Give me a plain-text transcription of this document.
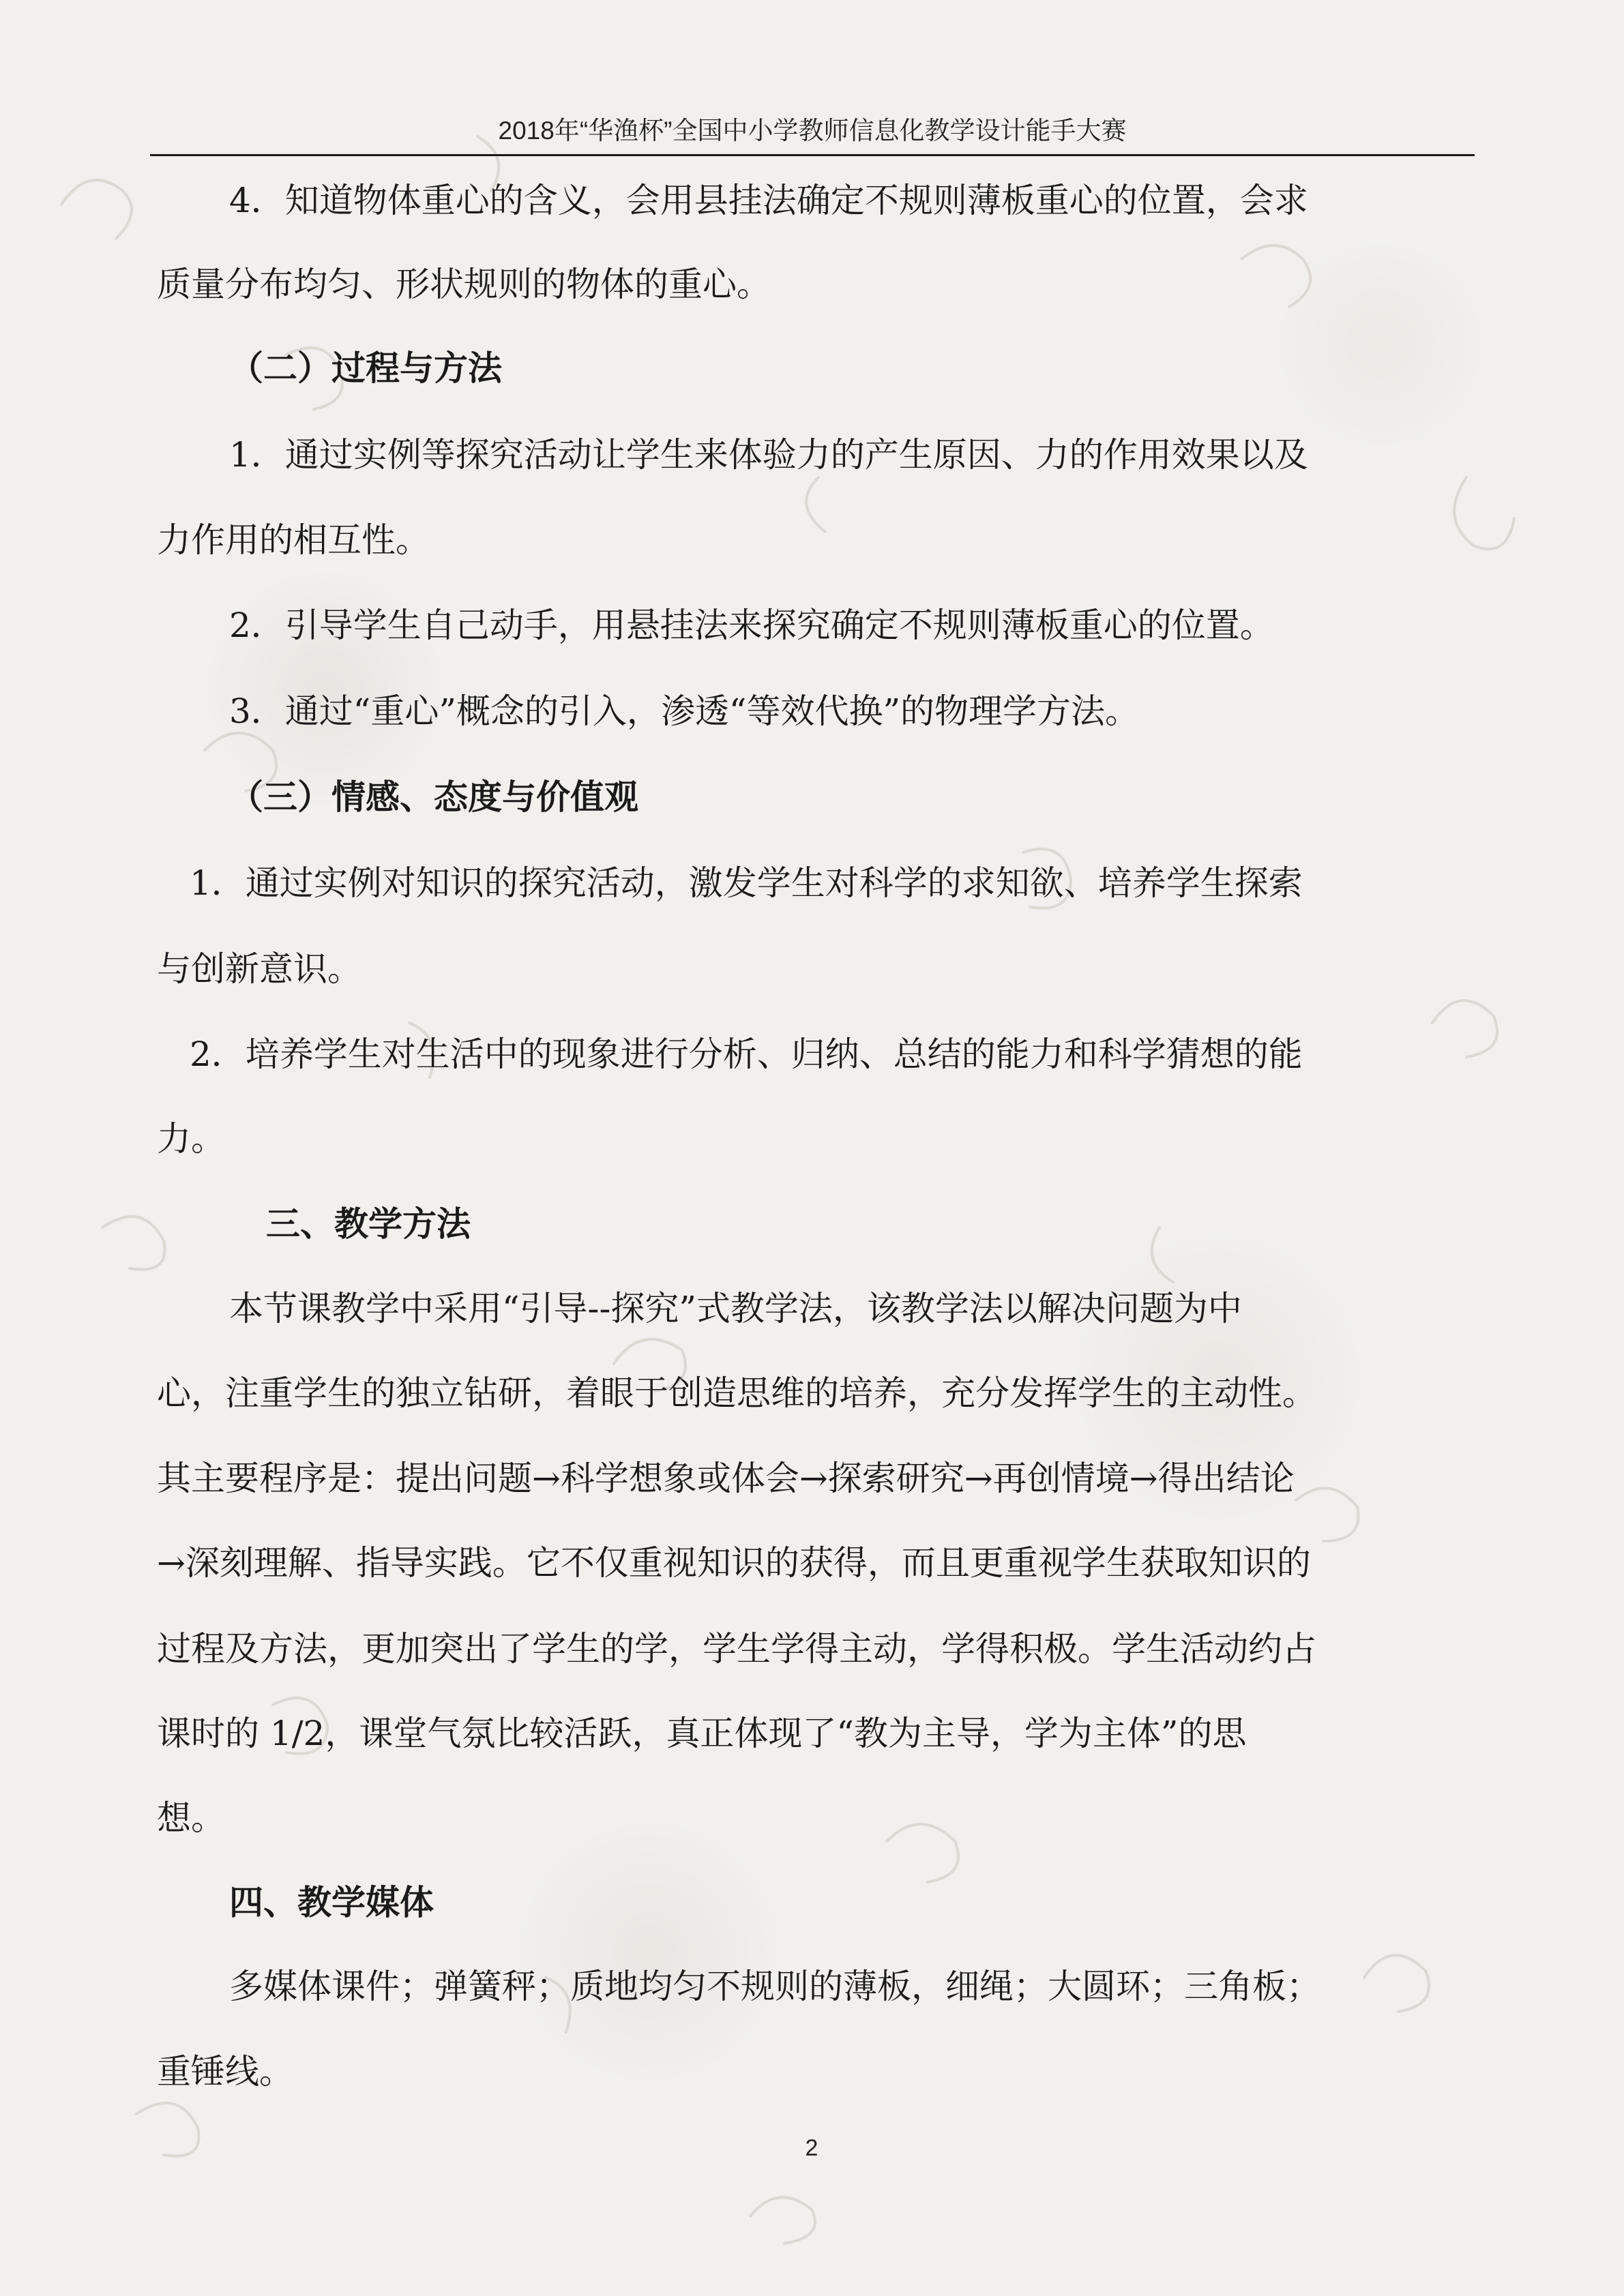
2018年“华渔杯”全国中小学教师信息化教学设计能手大赛
4．知道物体重心的含义，会用县挂法确定不规则薄板重心的位置，会求
质量分布均匀、形状规则的物体的重心。
（二）过程与方法
1．通过实例等探究活动让学生来体验力的产生原因、力的作用效果以及
力作用的相互性。
2．引导学生自己动手，用悬挂法来探究确定不规则薄板重心的位置。
3．通过“重心”概念的引入，渗透“等效代换”的物理学方法。
（三）情感、态度与价值观
1．通过实例对知识的探究活动，激发学生对科学的求知欲、培养学生探索
与创新意识。
2．培养学生对生活中的现象进行分析、归纳、总结的能力和科学猜想的能
力。
三、教学方法
本节课教学中采用“引导--探究”式教学法，该教学法以解决问题为中
心，注重学生的独立钻研，着眼于创造思维的培养，充分发挥学生的主动性。
其主要程序是：提出问题→科学想象或体会→探索研究→再创情境→得出结论
→深刻理解、指导实践。它不仅重视知识的获得，而且更重视学生获取知识的
过程及方法，更加突出了学生的学，学生学得主动，学得积极。学生活动约占
课时的 1/2，课堂气氛比较活跃，真正体现了“教为主导，学为主体”的思
想。
四、教学媒体
多媒体课件；弹簧秤；质地均匀不规则的薄板，细绳；大圆环；三角板；
重锤线。
2
